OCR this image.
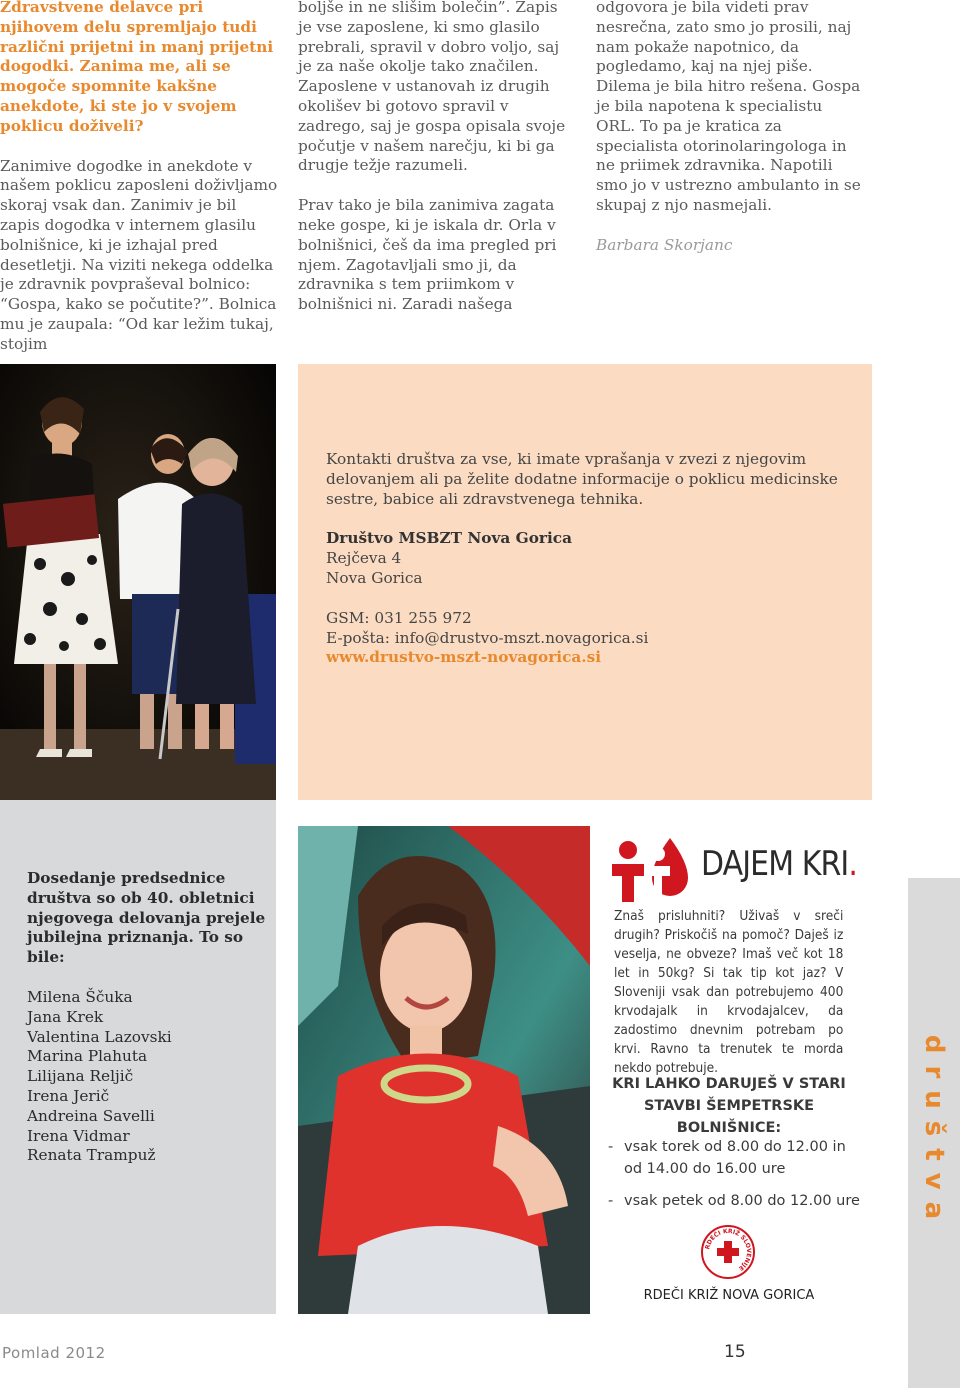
Zdravstvene delavce pri njihovem delu spremljajo tudi različni prijetni in manj prijetni dogodki. Zanima me, ali se mogoče spomnite kakšne anekdote, ki ste jo v svojem poklicu doživeli?

Zanimive dogodke in anekdote v našem poklicu zaposleni doživljamo skoraj vsak dan. Zanimiv je bil zapis dogodka v internem glasilu bolnišnice, ki je izhajal pred desetletji. Na viziti nekega oddelka je zdravnik povpraševal bolnico: “Gospa, kako se počutite?”. Bolnica mu je zaupala: “Od kar ležim tukaj, stojim

boljše in ne slišim bolečin”. Zapis je vse zaposlene, ki smo glasilo prebrali, spravil v dobro voljo, saj je za naše okolje tako značilen. Zaposlene v ustanovah iz drugih okolišev bi gotovo spravil v zadrego, saj je gospa opisala svoje počutje v našem narečju, ki bi ga drugje težje razumeli.

Prav tako je bila zanimiva zagata neke gospe, ki je iskala dr. Orla v bolnišnici, češ da ima pregled pri njem. Zagotavljali smo ji, da zdravnika s tem priimkom v bolnišnici ni. Zaradi našega

odgovora je bila videti prav nesrečna, zato smo jo prosili, naj nam pokaže napotnico, da pogledamo, kaj na njej piše. Dilema je bila hitro rešena. Gospa je bila napotena k specialistu ORL. To pa je kratica za specialista otorinolaringologa in ne priimek zdravnika. Napotili smo jo v ustrezno ambulanto in se skupaj z njo nasmejali.

Barbara Skorjanc

Kontakti društva za vse, ki imate vprašanja v zvezi z njegovim delovanjem ali pa želite dodatne informacije o poklicu medicinske sestre, babice ali zdravstvenega tehnika.

Društvo MSBZT Nova Gorica

Rejčeva 4

Nova Gorica

GSM: 031 255 972

E-pošta: info@drustvo-mszt.novagorica.si

www.drustvo-mszt-novagorica.si

Dosedanje predsednice društva so ob 40. obletnici njegovega delovanja prejele jubilejna priznanja. To so bile:

Milena Ščuka

Jana Krek

Valentina Lazovski

Marina Plahuta

Lilijana Reljič

Irena Jerič

Andreina Savelli

Irena Vidmar

Renata Trampuž

DAJEM KRI.
Znaš prisluhniti? Uživaš v sreči drugih? Priskočiš na pomoč? Daješ iz veselja, ne obveze? Imaš več kot 18 let in 50kg? Si tak tip kot jaz? V Sloveniji vsak dan potrebujemo 400 krvodajalk in krvodajalcev, da zadostimo dnevnim potrebam po krvi. Ravno ta trenutek te morda nekdo potrebuje.
KRI LAHKO DARUJEŠ V STARI STAVBI ŠEMPETRSKE BOLNIŠNICE:
- vsak torek od 8.00 do 12.00 in od 14.00 do 16.00 ure
- vsak petek od 8.00 do 12.00 ure
RDEČI KRIŽ SLOVENIJE
RDEČI KRIŽ NOVA GORICA
društva
Pomlad 2012	15
